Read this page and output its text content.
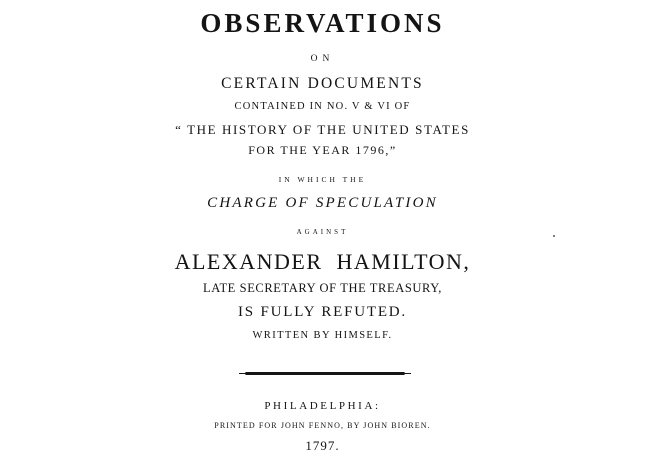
OBSERVATIONS
ON
CERTAIN DOCUMENTS
CONTAINED IN NO. V & VI OF
“ THE HISTORY OF THE UNITED STATES
FOR THE YEAR 1796,”
IN WHICH THE
CHARGE OF SPECULATION
AGAINST
ALEXANDER HAMILTON,
LATE SECRETARY OF THE TREASURY,
IS FULLY REFUTED.
WRITTEN BY HIMSELF.
PHILADELPHIA:
PRINTED FOR JOHN FENNO, BY JOHN BIOREN.
1797.
